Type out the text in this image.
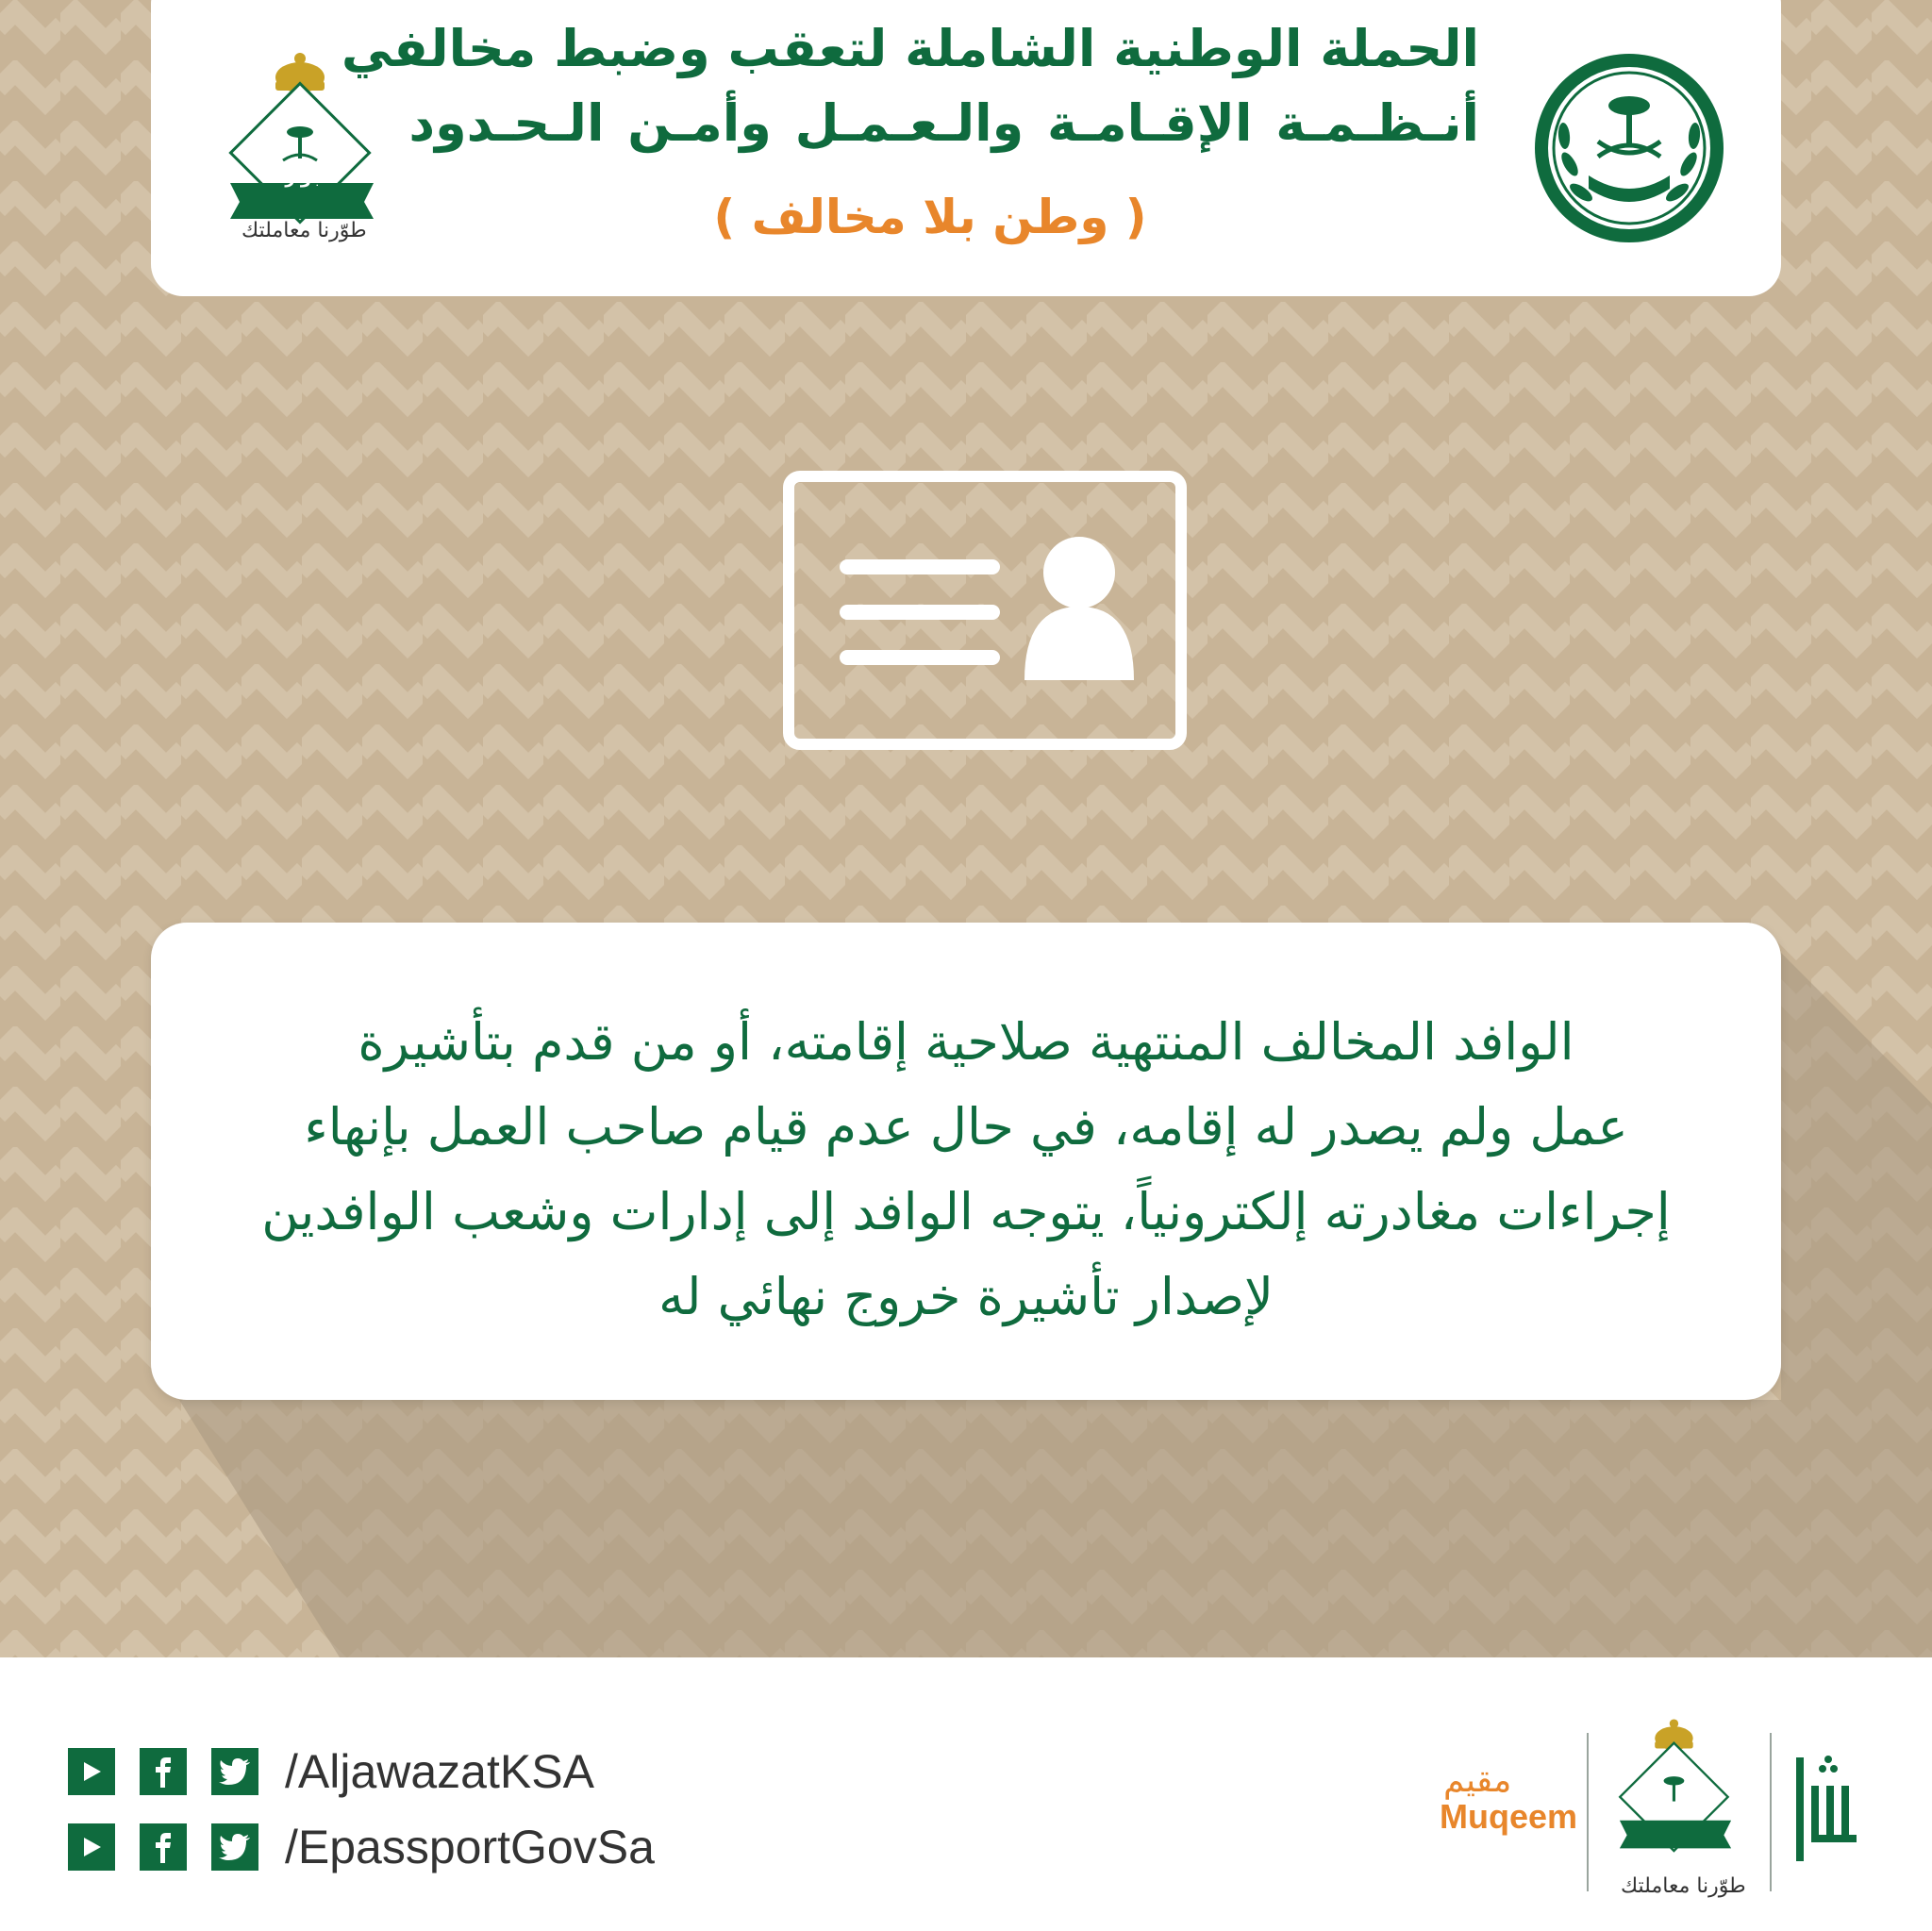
الحملة الوطنية الشاملة لتعقب وضبط مخالفي
أنـظـمـة الإقـامـة والـعـمـل وأمـن الـحـدود
( وطن بلا مخالف )
الجوازات
طوّرنا معاملتك
الوافد المخالف المنتهية صلاحية إقامته، أو من قدم بتأشيرة
عمل ولم يصدر له إقامه، في حال عدم قيام صاحب العمل بإنهاء
إجراءات مغادرته إلكترونياً، يتوجه الوافد إلى إدارات وشعب الوافدين
لإصدار تأشيرة خروج نهائي له
/AljawazatKSA
/EpassportGovSa
مقيم
Muqeem
طوّرنا معاملتك
